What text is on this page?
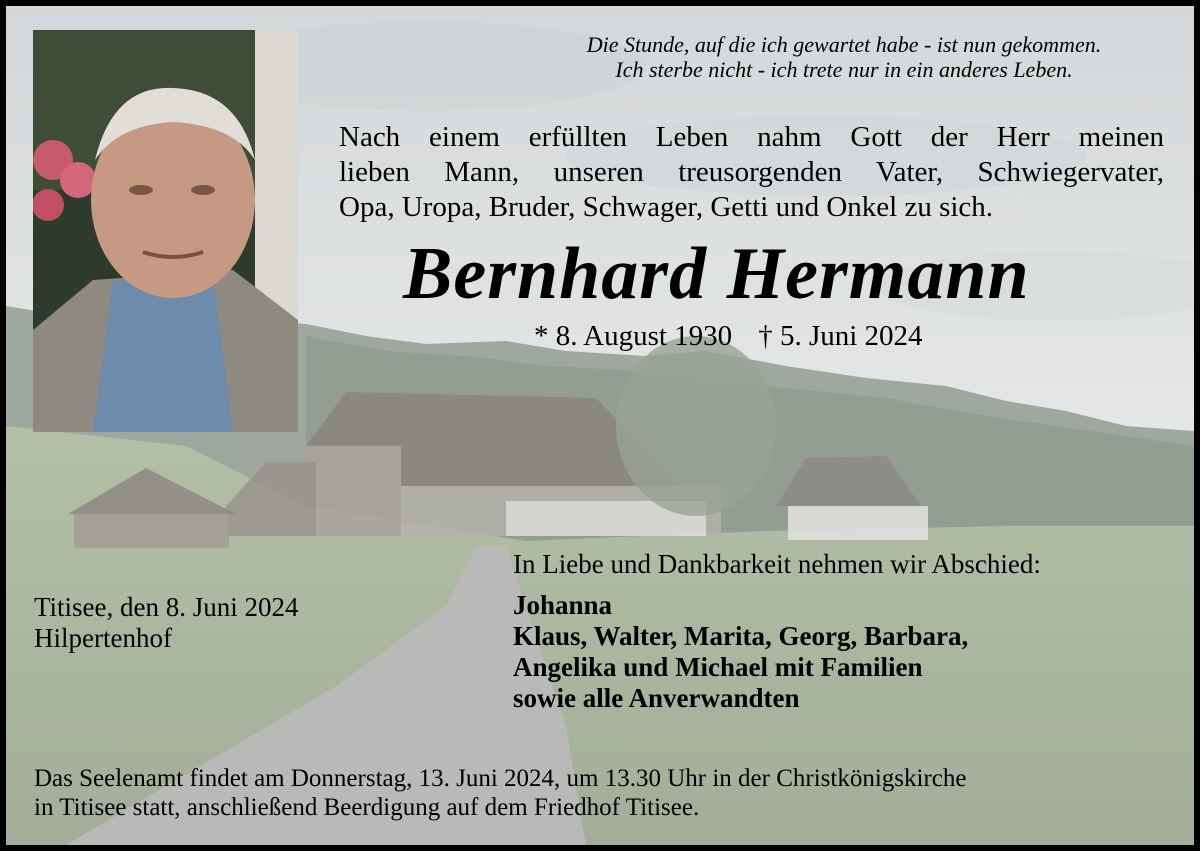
Die Stunde, auf die ich gewartet habe - ist nun gekommen.
Ich sterbe nicht - ich trete nur in ein anderes Leben.
Nach einem erfüllten Leben nahm Gott der Herr meinen
lieben Mann, unseren treusorgenden Vater, Schwiegervater,
Opa, Uropa, Bruder, Schwager, Getti und Onkel zu sich.
Bernhard Hermann
* 8. August 1930 † 5. Juni 2024
Titisee, den 8. Juni 2024
Hilpertenhof
In Liebe und Dankbarkeit nehmen wir Abschied:
Johanna
Klaus, Walter, Marita, Georg, Barbara,
Angelika und Michael mit Familien
sowie alle Anverwandten
Das Seelenamt findet am Donnerstag, 13. Juni 2024, um 13.30 Uhr in der Christkönigskirche
in Titisee statt, anschließend Beerdigung auf dem Friedhof Titisee.
